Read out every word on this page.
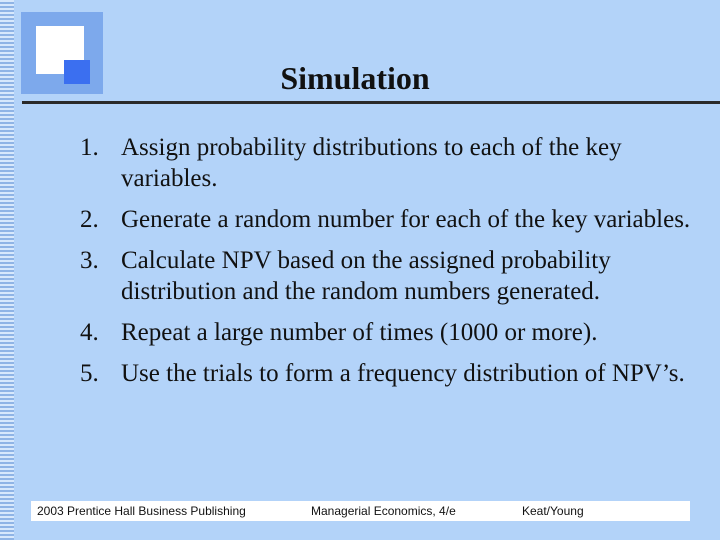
Simulation
1. Assign probability distributions to each of the key variables.
2. Generate a random number for each of the key variables.
3. Calculate NPV based on the assigned probability distribution and the random numbers generated.
4. Repeat a large number of times (1000 or more).
5. Use the trials to form a frequency distribution of NPV’s.
2003 Prentice Hall Business Publishing	Managerial Economics, 4/e	Keat/Young
